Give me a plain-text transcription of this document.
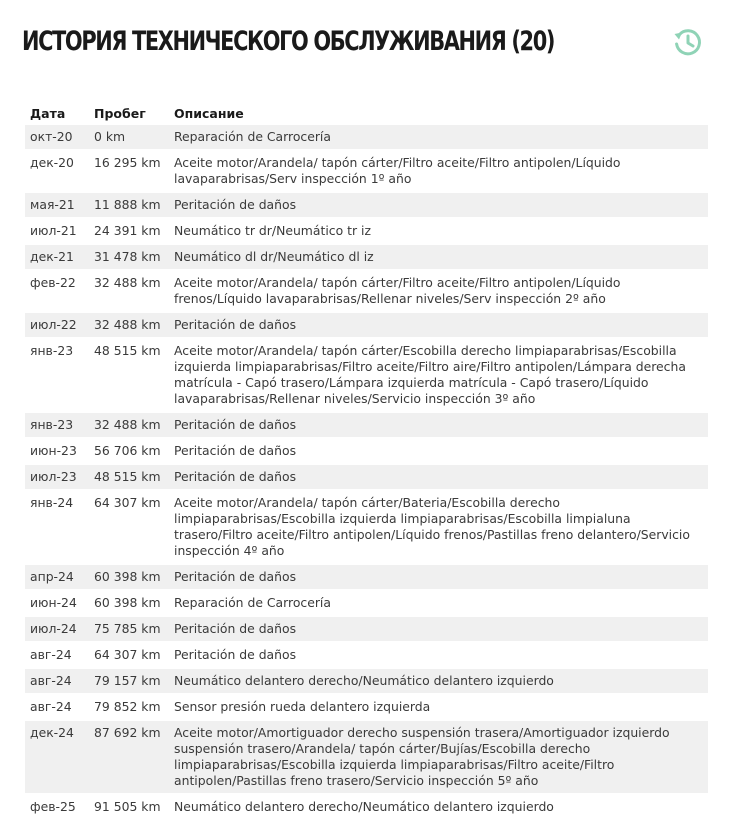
ИСТОРИЯ ТЕХНИЧЕСКОГО ОБСЛУЖИВАНИЯ (20)
Дата	Пробег	Описание
окт-20	0 km	Reparación de Carrocería
дек-20	16 295 km	Aceite motor/Arandela/ tapón cárter/Filtro aceite/Filtro antipolen/Líquido lavaparabrisas/Serv inspección 1º año
мая-21	11 888 km	Peritación de daños
июл-21	24 391 km	Neumático tr dr/Neumático tr iz
дек-21	31 478 km	Neumático dl dr/Neumático dl iz
фев-22	32 488 km	Aceite motor/Arandela/ tapón cárter/Filtro aceite/Filtro antipolen/Líquido frenos/Líquido lavaparabrisas/Rellenar niveles/Serv inspección 2º año
июл-22	32 488 km	Peritación de daños
янв-23	48 515 km	Aceite motor/Arandela/ tapón cárter/Escobilla derecho limpiaparabrisas/Escobilla izquierda limpiaparabrisas/Filtro aceite/Filtro aire/Filtro antipolen/Lámpara derecha matrícula - Capó trasero/Lámpara izquierda matrícula - Capó trasero/Líquido lavaparabrisas/Rellenar niveles/Servicio inspección 3º año
янв-23	32 488 km	Peritación de daños
июн-23	56 706 km	Peritación de daños
июл-23	48 515 km	Peritación de daños
янв-24	64 307 km	Aceite motor/Arandela/ tapón cárter/Bateria/Escobilla derecho limpiaparabrisas/Escobilla izquierda limpiaparabrisas/Escobilla limpialuna trasero/Filtro aceite/Filtro antipolen/Líquido frenos/Pastillas freno delantero/Servicio inspección 4º año
апр-24	60 398 km	Peritación de daños
июн-24	60 398 km	Reparación de Carrocería
июл-24	75 785 km	Peritación de daños
авг-24	64 307 km	Peritación de daños
авг-24	79 157 km	Neumático delantero derecho/Neumático delantero izquierdo
авг-24	79 852 km	Sensor presión rueda delantero izquierda
дек-24	87 692 km	Aceite motor/Amortiguador derecho suspensión trasera/Amortiguador izquierdo suspensión trasero/Arandela/ tapón cárter/Bujías/Escobilla derecho limpiaparabrisas/Escobilla izquierda limpiaparabrisas/Filtro aceite/Filtro antipolen/Pastillas freno trasero/Servicio inspección 5º año
фев-25	91 505 km	Neumático delantero derecho/Neumático delantero izquierdo
